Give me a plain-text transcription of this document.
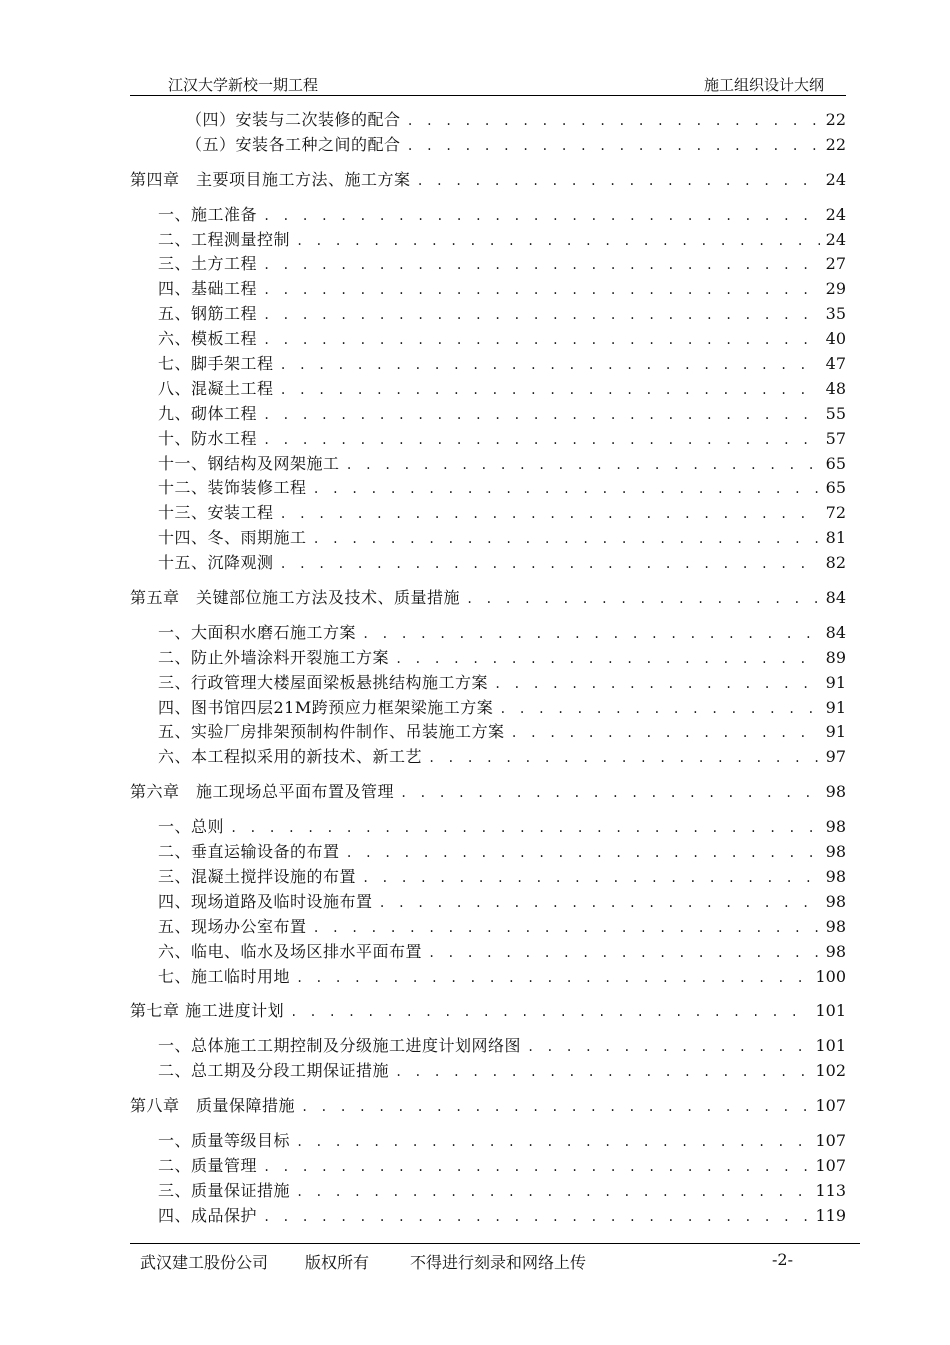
江汉大学新校一期工程	施工组织设计大纲
（四）安装与二次装修的配合 . . .	22
（五）安装各工种之间的配合 . . .	22
第四章　主要项目施工方法、施工方案 . . .	24
一、施工准备 . . .	24
二、工程测量控制 . . .	24
三、土方工程 . . .	27
四、基础工程 . . .	29
五、钢筋工程 . . .	35
六、模板工程 . . .	40
七、脚手架工程 . . .	47
八、混凝土工程 . . .	48
九、砌体工程 . . .	55
十、防水工程 . . .	57
十一、钢结构及网架施工 . . .	65
十二、装饰装修工程 . . .	65
十三、安装工程 . . .	72
十四、冬、雨期施工 . . .	81
十五、沉降观测 . . .	82
第五章　关键部位施工方法及技术、质量措施 . . .	84
一、大面积水磨石施工方案 . . .	84
二、防止外墙涂料开裂施工方案 . . .	89
三、行政管理大楼屋面梁板悬挑结构施工方案 . . .	91
四、图书馆四层21M跨预应力框架梁施工方案 . . .	91
五、实验厂房排架预制构件制作、吊装施工方案 . . .	91
六、本工程拟采用的新技术、新工艺 . . .	97
第六章　施工现场总平面布置及管理 . . .	98
一、总则 . . .	98
二、垂直运输设备的布置 . . .	98
三、混凝土搅拌设施的布置 . . .	98
四、现场道路及临时设施布置 . . .	98
五、现场办公室布置 . . .	98
六、临电、临水及场区排水平面布置 . . .	98
七、施工临时用地 . . .	100
第七章 施工进度计划 . . .	101
一、总体施工工期控制及分级施工进度计划网络图 . . .	101
二、总工期及分段工期保证措施 . . .	102
第八章　质量保障措施 . . .	107
一、质量等级目标 . . .	107
二、质量管理 . . .	107
三、质量保证措施 . . .	113
四、成品保护 . . .	119
武汉建工股份公司 版权所有	不得进行刻录和网络上传	-2-
